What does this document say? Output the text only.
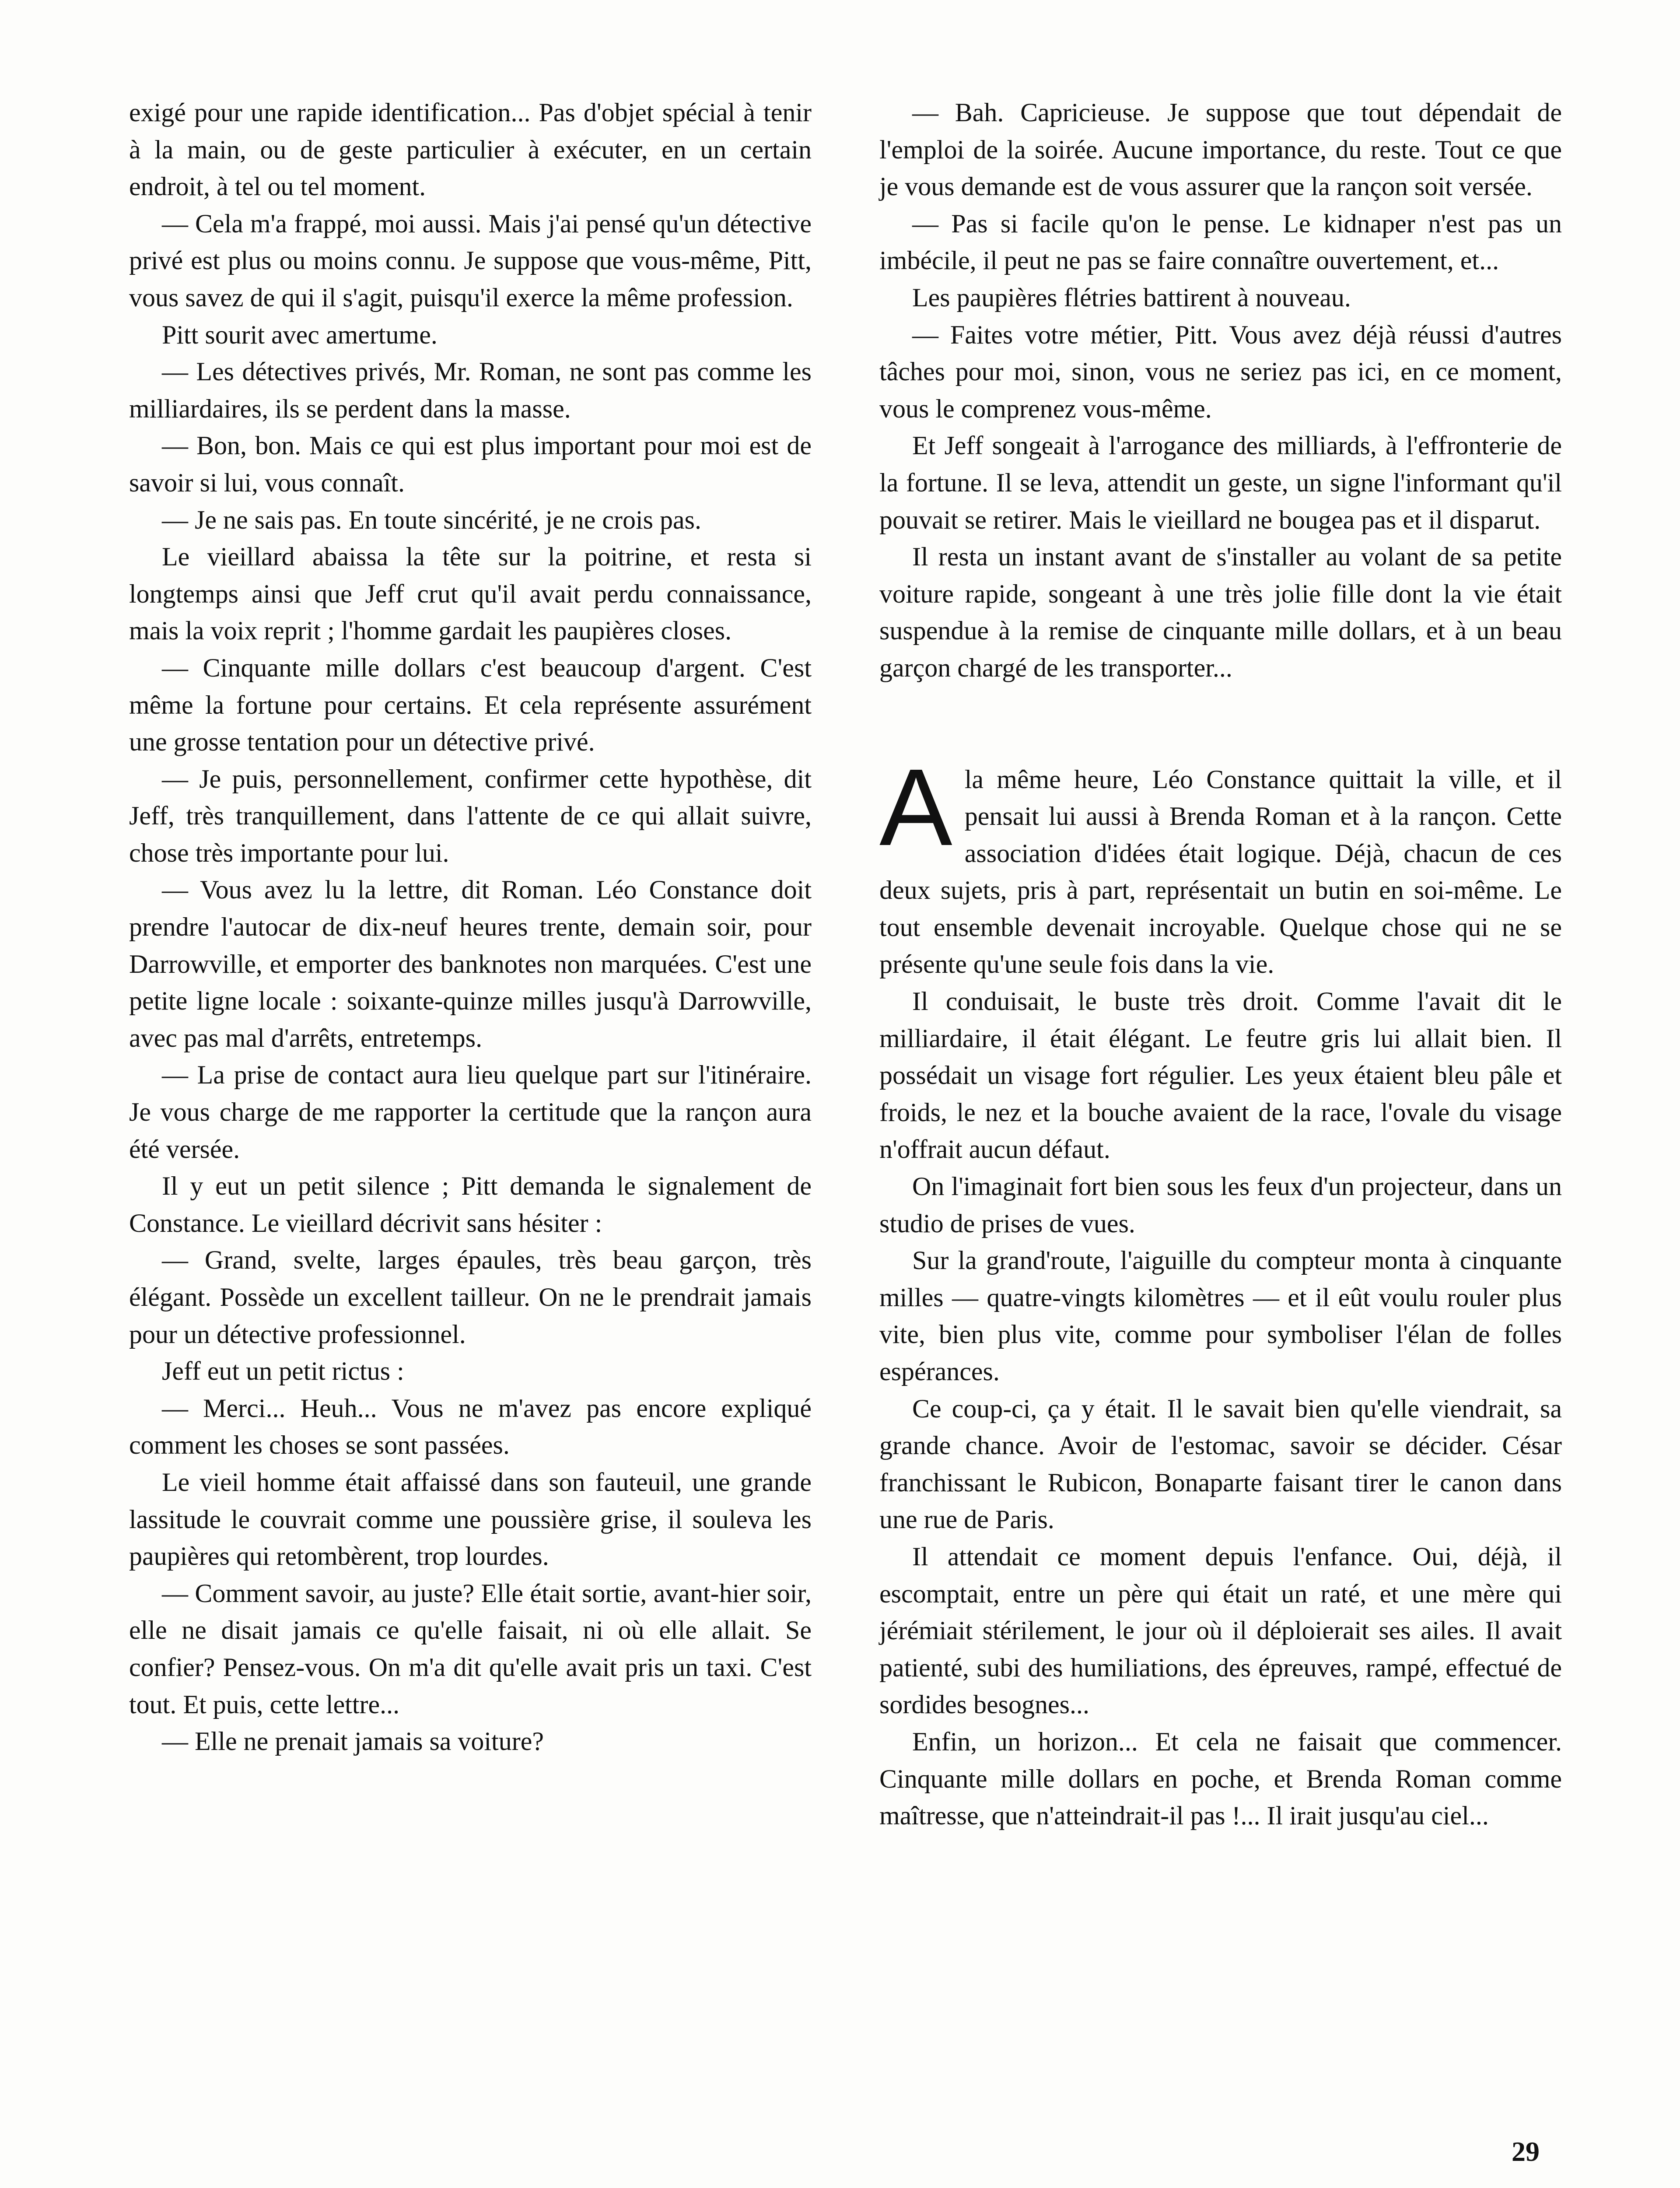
exigé pour une rapide identification... Pas d'objet spécial à tenir à la main, ou de geste particulier à exécuter, en un certain endroit, à tel ou tel moment.

— Cela m'a frappé, moi aussi. Mais j'ai pensé qu'un détective privé est plus ou moins connu. Je suppose que vous-même, Pitt, vous savez de qui il s'agit, puisqu'il exerce la même profession.

Pitt sourit avec amertume.

— Les détectives privés, Mr. Roman, ne sont pas comme les milliardaires, ils se perdent dans la masse.

— Bon, bon. Mais ce qui est plus important pour moi est de savoir si lui, vous connaît.

— Je ne sais pas. En toute sincérité, je ne crois pas.

Le vieillard abaissa la tête sur la poitrine, et resta si longtemps ainsi que Jeff crut qu'il avait perdu connaissance, mais la voix reprit ; l'homme gardait les paupières closes.

— Cinquante mille dollars c'est beaucoup d'argent. C'est même la fortune pour certains. Et cela représente assurément une grosse tentation pour un détective privé.

— Je puis, personnellement, confirmer cette hypothèse, dit Jeff, très tranquillement, dans l'attente de ce qui allait suivre, chose très importante pour lui.

— Vous avez lu la lettre, dit Roman. Léo Constance doit prendre l'autocar de dix-neuf heures trente, demain soir, pour Darrowville, et emporter des banknotes non marquées. C'est une petite ligne locale : soixante-quinze milles jusqu'à Darrowville, avec pas mal d'arrêts, entretemps.

— La prise de contact aura lieu quelque part sur l'itinéraire. Je vous charge de me rapporter la certitude que la rançon aura été versée.

Il y eut un petit silence ; Pitt demanda le signalement de Constance. Le vieillard décrivit sans hésiter :

— Grand, svelte, larges épaules, très beau garçon, très élégant. Possède un excellent tailleur. On ne le prendrait jamais pour un détective professionnel.

Jeff eut un petit rictus :

— Merci... Heuh... Vous ne m'avez pas encore expliqué comment les choses se sont passées.

Le vieil homme était affaissé dans son fauteuil, une grande lassitude le couvrait comme une poussière grise, il souleva les paupières qui retombèrent, trop lourdes.

— Comment savoir, au juste? Elle était sortie, avant-hier soir, elle ne disait jamais ce qu'elle faisait, ni où elle allait. Se confier? Pensez-vous. On m'a dit qu'elle avait pris un taxi. C'est tout. Et puis, cette lettre...

— Elle ne prenait jamais sa voiture?

— Bah. Capricieuse. Je suppose que tout dépendait de l'emploi de la soirée. Aucune importance, du reste. Tout ce que je vous demande est de vous assurer que la rançon soit versée.

— Pas si facile qu'on le pense. Le kidnaper n'est pas un imbécile, il peut ne pas se faire connaître ouvertement, et...

Les paupières flétries battirent à nouveau.

— Faites votre métier, Pitt. Vous avez déjà réussi d'autres tâches pour moi, sinon, vous ne seriez pas ici, en ce moment, vous le comprenez vous-même.

Et Jeff songeait à l'arrogance des milliards, à l'effronterie de la fortune. Il se leva, attendit un geste, un signe l'informant qu'il pouvait se retirer. Mais le vieillard ne bougea pas et il disparut.

Il resta un instant avant de s'installer au volant de sa petite voiture rapide, songeant à une très jolie fille dont la vie était suspendue à la remise de cinquante mille dollars, et à un beau garçon chargé de les transporter...

Ala même heure, Léo Constance quittait la ville, et il pensait lui aussi à Brenda Roman et à la rançon. Cette association d'idées était logique. Déjà, chacun de ces deux sujets, pris à part, représentait un butin en soi-même. Le tout ensemble devenait incroyable. Quelque chose qui ne se présente qu'une seule fois dans la vie.

Il conduisait, le buste très droit. Comme l'avait dit le milliardaire, il était élégant. Le feutre gris lui allait bien. Il possédait un visage fort régulier. Les yeux étaient bleu pâle et froids, le nez et la bouche avaient de la race, l'ovale du visage n'offrait aucun défaut.

On l'imaginait fort bien sous les feux d'un projecteur, dans un studio de prises de vues.

Sur la grand'route, l'aiguille du compteur monta à cinquante milles — quatre-vingts kilomètres — et il eût voulu rouler plus vite, bien plus vite, comme pour symboliser l'élan de folles espérances.

Ce coup-ci, ça y était. Il le savait bien qu'elle viendrait, sa grande chance. Avoir de l'estomac, savoir se décider. César franchissant le Rubicon, Bonaparte faisant tirer le canon dans une rue de Paris.

Il attendait ce moment depuis l'enfance. Oui, déjà, il escomptait, entre un père qui était un raté, et une mère qui jérémiait stérilement, le jour où il déploierait ses ailes. Il avait patienté, subi des humiliations, des épreuves, rampé, effectué de sordides besognes...

Enfin, un horizon... Et cela ne faisait que commencer. Cinquante mille dollars en poche, et Brenda Roman comme maîtresse, que n'atteindrait-il pas !... Il irait jusqu'au ciel...

29
